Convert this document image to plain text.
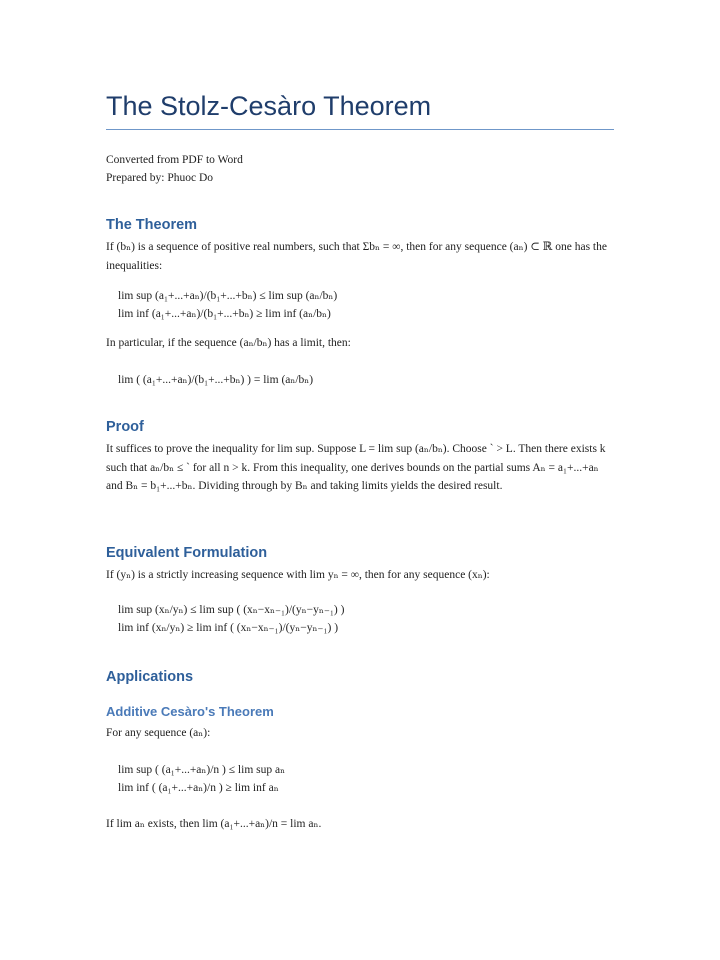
The Stolz-Cesàro Theorem
Converted from PDF to Word
Prepared by: Phuoc Do
The Theorem

If (bₙ) is a sequence of positive real numbers, such that Σbₙ = ∞, then for any sequence (aₙ) ⊂ ℝ one has the inequalities:

lim sup (a₁+...+aₙ)/(b₁+...+bₙ) ≤ lim sup (aₙ/bₙ)
lim inf (a₁+...+aₙ)/(b₁+...+bₙ) ≥ lim inf (aₙ/bₙ)

In particular, if the sequence (aₙ/bₙ) has a limit, then:

lim ( (a₁+...+aₙ)/(b₁+...+bₙ) ) = lim (aₙ/bₙ)
Proof

It suffices to prove the inequality for lim sup. Suppose L = lim sup (aₙ/bₙ). Choose ` > L. Then there exists k such that aₙ/bₙ ≤ ` for all n > k. From this inequality, one derives bounds on the partial sums Aₙ = a₁+...+aₙ and Bₙ = b₁+...+bₙ. Dividing through by Bₙ and taking limits yields the desired result.

Equivalent Formulation

If (yₙ) is a strictly increasing sequence with lim yₙ = ∞, then for any sequence (xₙ):

lim sup (xₙ/yₙ) ≤ lim sup ( (xₙ−xₙ₋₁)/(yₙ−yₙ₋₁) )
lim inf (xₙ/yₙ) ≥ lim inf ( (xₙ−xₙ₋₁)/(yₙ−yₙ₋₁) )
Applications
Additive Cesàro's Theorem

For any sequence (aₙ):

lim sup ( (a₁+...+aₙ)/n ) ≤ lim sup aₙ
lim inf ( (a₁+...+aₙ)/n ) ≥ lim inf aₙ

If lim aₙ exists, then lim (a₁+...+aₙ)/n = lim aₙ.
